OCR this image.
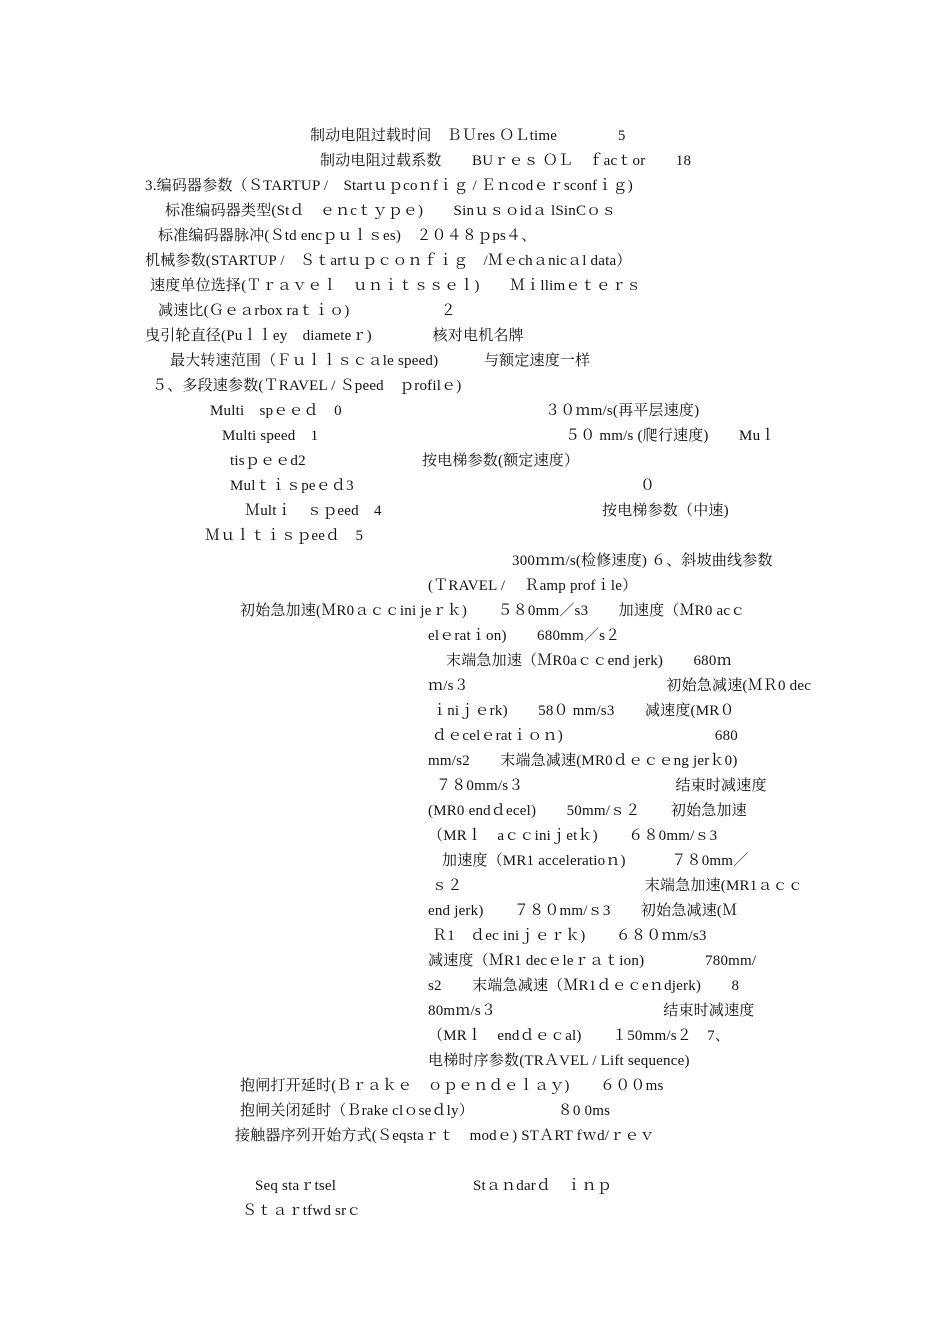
制动电阻过载时间　ＢＵres ＯＬtime　　　　5
制动电阻过载系数　　BUｒｅｓ ＯＬ　ｆacｔor　　18
3.编码器参数（ＳTARTUP /　Startｕｐcoｎfｉｇ / Ｅｎcodｅｒsconfｉｇ)
标准编码器类型(Stｄ　ｅｎcｔｙｐｅ)　　Sinｕｓｏidａ lSinCｏｓ
标准编码器脉冲(Ｓtd encｐｕｌｓes)　２０４８ｐps４、
机械参数(STARTUP /　Ｓｔartｕｐｃｏｎｆｉｇ　/Ｍｅchａnicａl data）
速度单位选择(Ｔｒａｖｅｌ　ｕｎｉｔｓｓｅｌ)　　Ｍｉllimｅｔｅｒｓ
减速比(Ｇｅａrbox raｔｉｏ)　　　　　　２
曳引轮直径(Puｌｌey　diameteｒ)　　　　核对电机名牌
最大转速范围（Ｆｕｌｌｓｃａle speed)　　　与额定速度一样
５、多段速参数(ＴRAVEL / Ｓpeed　ｐrofilｅ)
Multi　spｅｅｄ　0	３０ｍm/s(再平层速度)
Multi speed　1	５０ mm/s (爬行速度)　　Muｌ
tisｐｅｅd2	按电梯参数(额定速度）
Mulｔｉｓpeｅｄ3	０
Ｍultｉ　ｓｐeed　4	按电梯参数（中速)
Ｍｕｌｔｉｓｐeeｄ　5
300ｍｍ/s(检修速度) ６、斜坡曲线参数
(ＴRAVEL / 　Ｒamp profｉle）
初始急加速(ＭR0ａｃｃini jeｒｋ)　　５８0mm／s3　　加速度（ＭR0 acｃ
elｅratｉon)　　680mm／s２
末端急加速（ＭR0aｃｃend jerk)　　680ｍ
ｍ/s３　　　　　　　　　　　　　初始急减速(ＭＲ0 dec
ｉniｊｅrk)　　58０ mm/s3　　减速度(MR０
ｄｅcelｅratｉｏｎ)　　　　　　　　　　680
mm/s2　　末端急减速(MR0ｄｅｃｅng jerｋ0)
７８0mm/s３　　　　　　　　　　结束时减速度
(MR0 endｄecel)　　50mm/ｓ２　　初始急加速
（MRｌ　aｃｃiniｊetｋ)　　６８0mm/ｓ3
加速度（MR1 acceleratioｎ)　　　７８0mm／
ｓ２　　　　　　　　　　　　末端急加速(MR1ａｃｃ
end jerk)　　７８０mm/ｓ3　　初始急减速(Ｍ
Ｒ1　ｄec iniｊｅｒｋ)　　６８０ｍm/s3
减速度（ＭR1 decｅleｒａｔion)　　　　780mm/
s2　　末端急减速（ＭR1ｄｅｃeｎdjerk)　　8
80mｍ/s３　　　　　　　　　　　结束时减速度
（MRｌ　endｄｅｃal)　　１50mm/s２　7、
电梯时序参数(TRＡVEL / Lift sequence)
抱闸打开延时(Ｂｒａｋｅ　ｏｐｅｎｄｅｌａｙ)　　６００ms
抱闸关闭延时（Ｂrake clｏseｄly）　　　　　　８0 0ms
接触器序列开始方式(Ｓeqstaｒｔ　modｅ) STＡRT fｗd/ｒｅｖ
Seq staｒtsel　　　　　　　　　Stａｎdarｄ　ｉｎｐ
Ｓｔａｒtfwd srｃ
